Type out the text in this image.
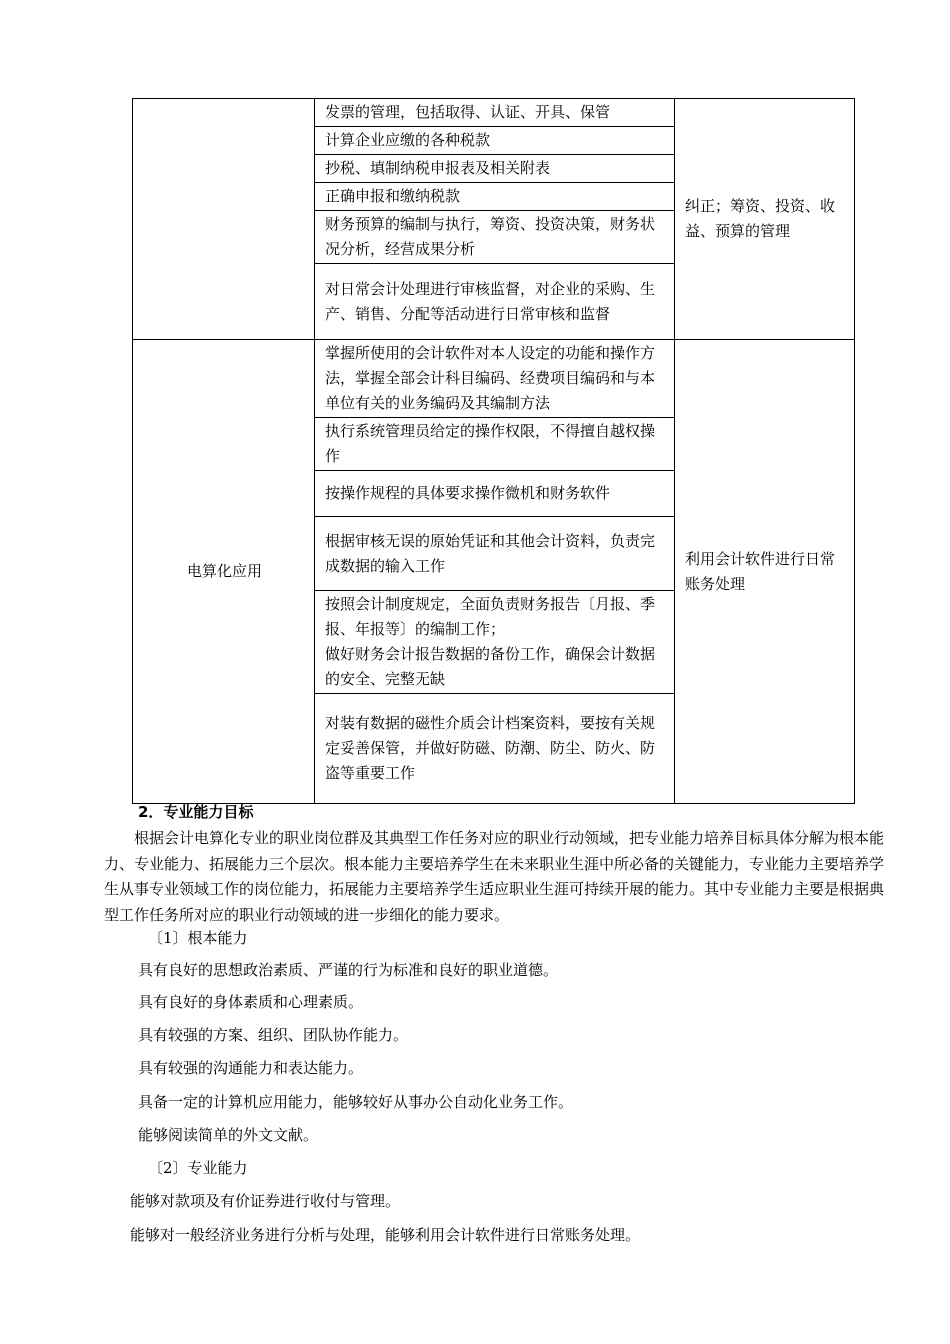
	发票的管理，包括取得、认证、开具、保管	纠正；筹资、投资、收益、预算的管理
	计算企业应缴的各种税款	
	抄税、填制纳税申报表及相关附表	
	正确申报和缴纳税款	
	财务预算的编制与执行，筹资、投资决策，财务状况分析，经营成果分析	
	对日常会计处理进行审核监督，对企业的采购、生产、销售、分配等活动进行日常审核和监督	
电算化应用	掌握所使用的会计软件对本人设定的功能和操作方法，掌握全部会计科目编码、经费项目编码和与本单位有关的业务编码及其编制方法	利用会计软件进行日常账务处理
	执行系统管理员给定的操作权限，不得擅自越权操作	
	按操作规程的具体要求操作微机和财务软件	
	根据审核无误的原始凭证和其他会计资料，负责完成数据的输入工作	

	按照会计制度规定，全面负责财务报告〔月报、季报、年报等〕的编制工作；
做好财务会计报告数据的备份工作，确保会计数据的安全、完整无缺	

	对装有数据的磁性介质会计档案资料，要按有关规定妥善保管，并做好防磁、防潮、防尘、防火、防盗等重要工作	
2．专业能力目标
根据会计电算化专业的职业岗位群及其典型工作任务对应的职业行动领域，把专业能力培养目标具体分解为根本能力、专业能力、拓展能力三个层次。根本能力主要培养学生在未来职业生涯中所必备的关键能力，专业能力主要培养学生从事专业领域工作的岗位能力，拓展能力主要培养学生适应职业生涯可持续开展的能力。其中专业能力主要是根据典型工作任务所对应的职业行动领域的进一步细化的能力要求。
〔1〕根本能力
具有良好的思想政治素质、严谨的行为标准和良好的职业道德。
具有良好的身体素质和心理素质。
具有较强的方案、组织、团队协作能力。
具有较强的沟通能力和表达能力。
具备一定的计算机应用能力，能够较好从事办公自动化业务工作。
能够阅读简单的外文文献。
〔2〕专业能力
能够对款项及有价证券进行收付与管理。
能够对一般经济业务进行分析与处理，能够利用会计软件进行日常账务处理。
